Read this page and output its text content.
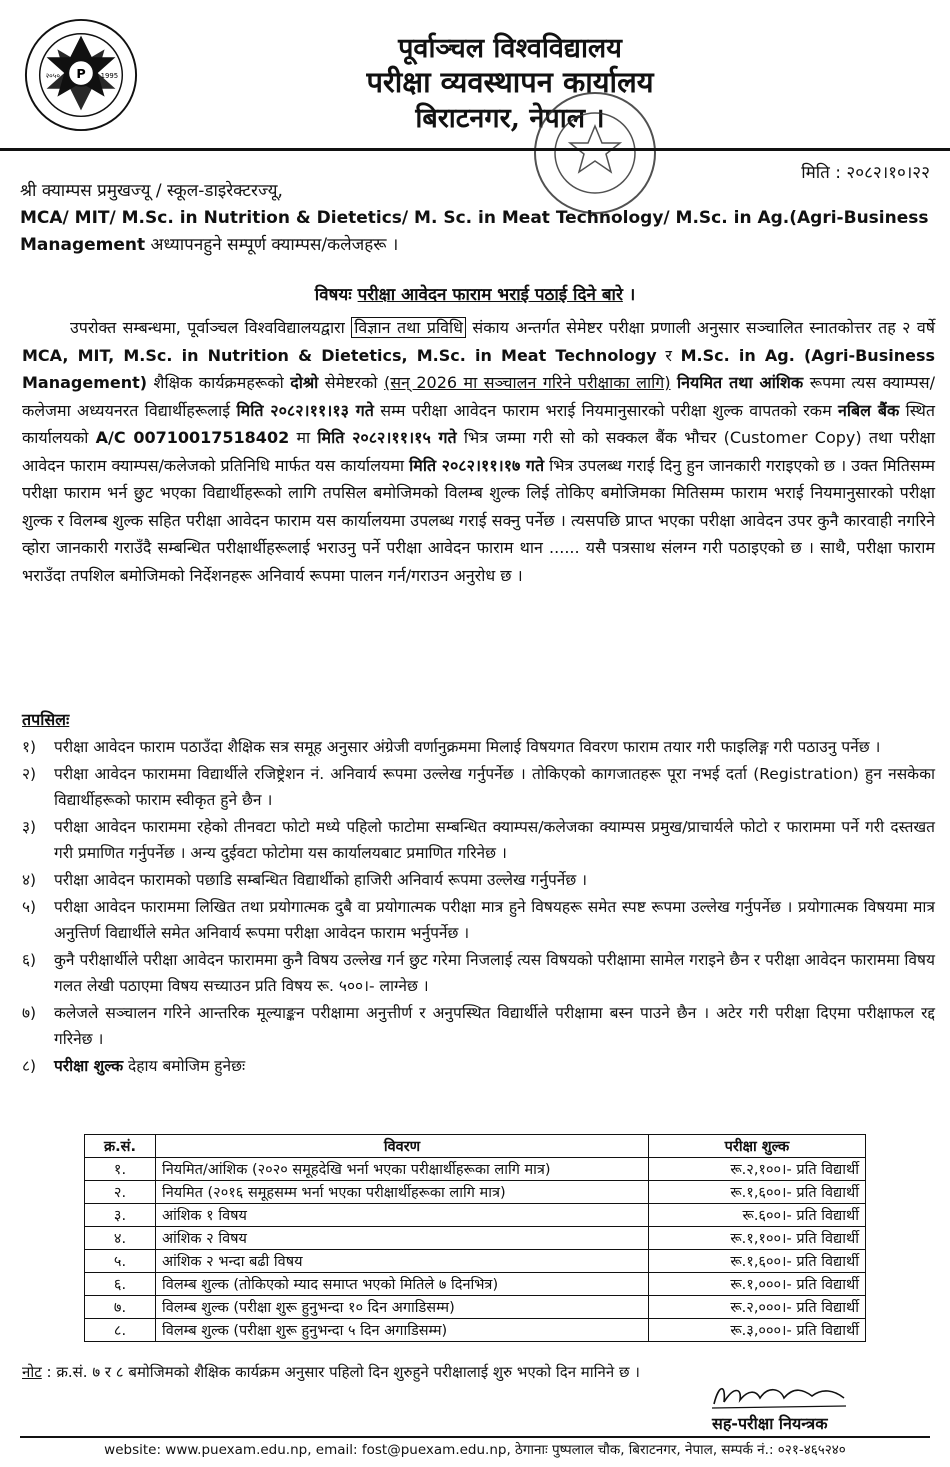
P
२०५०	1995
पूर्वाञ्चल विश्वविद्यालय
परीक्षा व्यवस्थापन कार्यालय
बिराटनगर, नेपाल ।
मिति : २०८२।१०।२२
श्री क्याम्पस प्रमुखज्यू / स्कूल-डाइरेक्टरज्यू,
MCA/ MIT/ M.Sc. in Nutrition & Dietetics/ M. Sc. in Meat Technology/ M.Sc. in Ag.(Agri-Business Management अध्यापनहुने सम्पूर्ण क्याम्पस/कलेजहरू ।
विषयः परीक्षा आवेदन फाराम भराई पठाई दिने बारे ।

उपरोक्त सम्बन्धमा, पूर्वाञ्चल विश्वविद्यालयद्वारा विज्ञान तथा प्रविधि संकाय अन्तर्गत सेमेष्टर परीक्षा प्रणाली अनुसार सञ्चालित स्नातकोत्तर तह २ वर्षे MCA, MIT, M.Sc. in Nutrition & Dietetics, M.Sc. in Meat Technology र M.Sc. in Ag. (Agri-Business Management) शैक्षिक कार्यक्रमहरूको दोश्रो सेमेष्टरको (सन् 2026 मा सञ्चालन गरिने परीक्षाका लागि) नियमित तथा आंशिक रूपमा त्यस क्याम्पस/कलेजमा अध्ययनरत विद्यार्थीहरूलाई मिति २०८२।११।१३ गते सम्म परीक्षा आवेदन फाराम भराई नियमानुसारको परीक्षा शुल्क वापतको रकम नबिल बैंक स्थित कार्यालयको A/C 00710017518402 मा मिति २०८२।११।१५ गते भित्र जम्मा गरी सो को सक्कल बैंक भौचर (Customer Copy) तथा परीक्षा आवेदन फाराम क्याम्पस/कलेजको प्रतिनिधि मार्फत यस कार्यालयमा मिति २०८२।११।१७ गते भित्र उपलब्ध गराई दिनु हुन जानकारी गराइएको छ । उक्त मितिसम्म परीक्षा फाराम भर्न छुट भएका विद्यार्थीहरूको लागि तपसिल बमोजिमको विलम्ब शुल्क लिई तोकिए बमोजिमका मितिसम्म फाराम भराई नियमानुसारको परीक्षा शुल्क र विलम्ब शुल्क सहित परीक्षा आवेदन फाराम यस कार्यालयमा उपलब्ध गराई सक्नु पर्नेछ । त्यसपछि प्राप्त भएका परीक्षा आवेदन उपर कुनै कारवाही नगरिने व्होरा जानकारी गराउँदै सम्बन्धित परीक्षार्थीहरूलाई भराउनु पर्ने परीक्षा आवेदन फाराम थान ...... यसै पत्रसाथ संलग्न गरी पठाइएको छ । साथै, परीक्षा फाराम भराउँदा तपशिल बमोजिमको निर्देशनहरू अनिवार्य रूपमा पालन गर्न/गराउन अनुरोध छ ।

तपसिलः
१)	परीक्षा आवेदन फाराम पठाउँदा शैक्षिक सत्र समूह अनुसार अंग्रेजी वर्णानुक्रममा मिलाई विषयगत विवरण फाराम तयार गरी फाइलिङ्ग गरी पठाउनु पर्नेछ ।
२)	परीक्षा आवेदन फाराममा विद्यार्थीले रजिष्ट्रेशन नं. अनिवार्य रूपमा उल्लेख गर्नुपर्नेछ । तोकिएको कागजातहरू पूरा नभई दर्ता (Registration) हुन नसकेका विद्यार्थीहरूको फाराम स्वीकृत हुने छैन ।
३)	परीक्षा आवेदन फाराममा रहेको तीनवटा फोटो मध्ये पहिलो फाटोमा सम्बन्धित क्याम्पस/कलेजका क्याम्पस प्रमुख/प्राचार्यले फोटो र फाराममा पर्ने गरी दस्तखत गरी प्रमाणित गर्नुपर्नेछ । अन्य दुईवटा फोटोमा यस कार्यालयबाट प्रमाणित गरिनेछ ।
४)	परीक्षा आवेदन फारामको पछाडि सम्बन्धित विद्यार्थीको हाजिरी अनिवार्य रूपमा उल्लेख गर्नुपर्नेछ ।
५)	परीक्षा आवेदन फाराममा लिखित तथा प्रयोगात्मक दुबै वा प्रयोगात्मक परीक्षा मात्र हुने विषयहरू समेत स्पष्ट रूपमा उल्लेख गर्नुपर्नेछ । प्रयोगात्मक विषयमा मात्र अनुत्तिर्ण विद्यार्थीले समेत अनिवार्य रूपमा परीक्षा आवेदन फाराम भर्नुपर्नेछ ।
६)	कुनै परीक्षार्थीले परीक्षा आवेदन फाराममा कुनै विषय उल्लेख गर्न छुट गरेमा निजलाई त्यस विषयको परीक्षामा सामेल गराइने छैन र परीक्षा आवेदन फाराममा विषय गलत लेखी पठाएमा विषय सच्याउन प्रति विषय रू. ५००।- लाग्नेछ ।
७)	कलेजले सञ्चालन गरिने आन्तरिक मूल्याङ्कन परीक्षामा अनुत्तीर्ण र अनुपस्थित विद्यार्थीले परीक्षामा बस्न पाउने छैन । अटेर गरी परीक्षा दिएमा परीक्षाफल रद्द गरिनेछ ।
८)	परीक्षा शुल्क देहाय बमोजिम हुनेछः
क्र.सं.	विवरण	परीक्षा शुल्क
१.	नियमित/आंशिक (२०२० समूहदेखि भर्ना भएका परीक्षार्थीहरूका लागि मात्र)	रू.२,१००।- प्रति विद्यार्थी
२.	नियमित (२०१६ समूहसम्म भर्ना भएका परीक्षार्थीहरूका लागि मात्र)	रू.१,६००।- प्रति विद्यार्थी
३.	आंशिक १ विषय	रू.६००।- प्रति विद्यार्थी
४.	आंशिक २ विषय	रू.१,१००।- प्रति विद्यार्थी
५.	आंशिक २ भन्दा बढी विषय	रू.१,६००।- प्रति विद्यार्थी
६.	विलम्ब शुल्क (तोकिएको म्याद समाप्त भएको मितिले ७ दिनभित्र)	रू.१,०००।- प्रति विद्यार्थी
७.	विलम्ब शुल्क (परीक्षा शुरू हुनुभन्दा १० दिन अगाडिसम्म)	रू.२,०००।- प्रति विद्यार्थी
८.	विलम्ब शुल्क (परीक्षा शुरू हुनुभन्दा ५ दिन अगाडिसम्म)	रू.३,०००।- प्रति विद्यार्थी
नोट : क्र.सं. ७ र ८ बमोजिमको शैक्षिक कार्यक्रम अनुसार पहिलो दिन शुरुहुने परीक्षालाई शुरु भएको दिन मानिने छ ।
सह-परीक्षा नियन्त्रक
website: www.puexam.edu.np, email: fost@puexam.edu.np, ठेगानाः पुष्पलाल चौक, बिराटनगर, नेपाल, सम्पर्क नं.: ०२१-४६५२४०
